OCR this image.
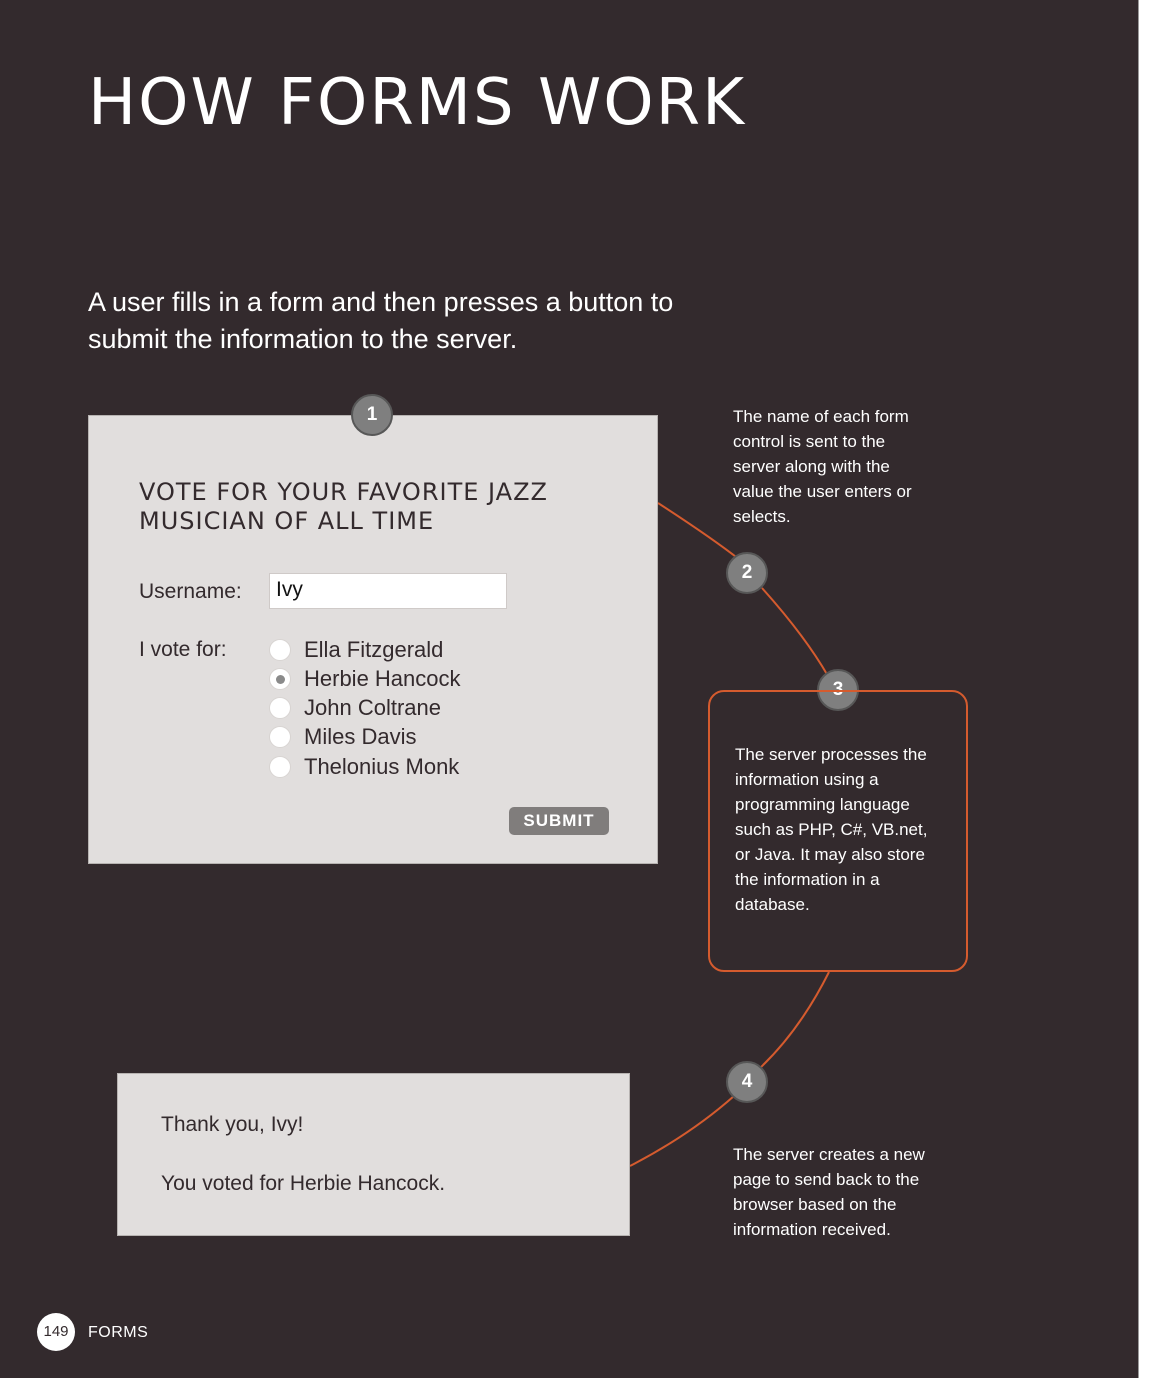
HOW FORMS WORK
A user fills in a form and then presses a button to submit the information to the server.
VOTE FOR YOUR FAVORITE JAZZ MUSICIAN OF ALL TIME
Username:	Ivy
I vote for:	Ella Fitzgerald
Herbie Hancock
John Coltrane
Miles Davis
Thelonius Monk
SUBMIT
1
2
3
4
The name of each form control is sent to the server along with the value the user enters or selects.
The server processes the information using a programming language such as PHP, C#, VB.net, or Java. It may also store the information in a database.
The server creates a new page to send back to the browser based on the information received.
Thank you, Ivy!
You voted for Herbie Hancock.
149	FORMS
